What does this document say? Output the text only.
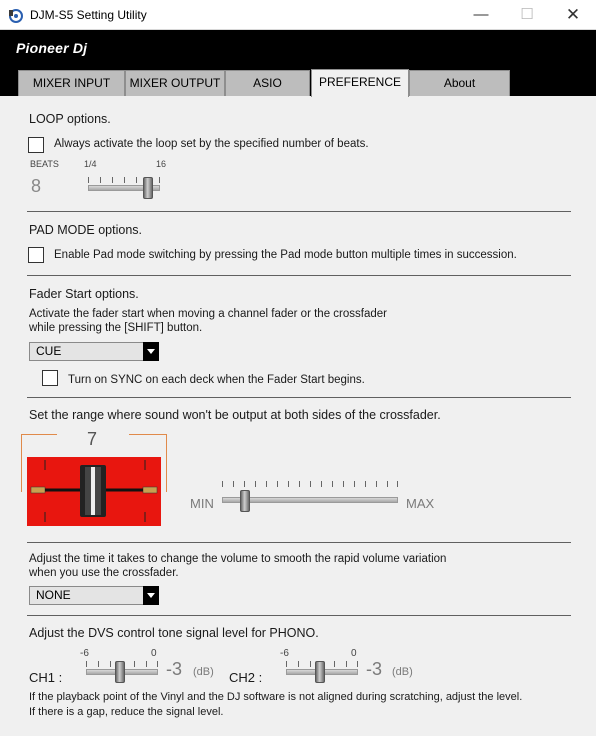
DJM-S5 Setting Utility	—	☐	✕
Pioneer Dj
MIXER INPUT	MIXER OUTPUT	ASIO	PREFERENCE	About
LOOP options.
Always activate the loop set by the specified number of beats.
BEATS	1/4	16
8
PAD MODE options.
Enable Pad mode switching by pressing the Pad mode button multiple times in succession.
Fader Start options.
Activate the fader start when moving a channel fader or the crossfader
while pressing the [SHIFT] button.
CUE
Turn on SYNC on each deck when the Fader Start begins.
Set the range where sound won't be output at both sides of the crossfader.
7
MIN	MAX
Adjust the time it takes to change the volume to smooth the rapid volume variation
when you use the crossfader.
NONE
Adjust the DVS control tone signal level for PHONO.
CH1 :
-6	0
-3 (dB) CH2 :
-6	0
-3 (dB)
If the playback point of the Vinyl and the DJ software is not aligned during scratching, adjust the level.
If there is a gap, reduce the signal level.
